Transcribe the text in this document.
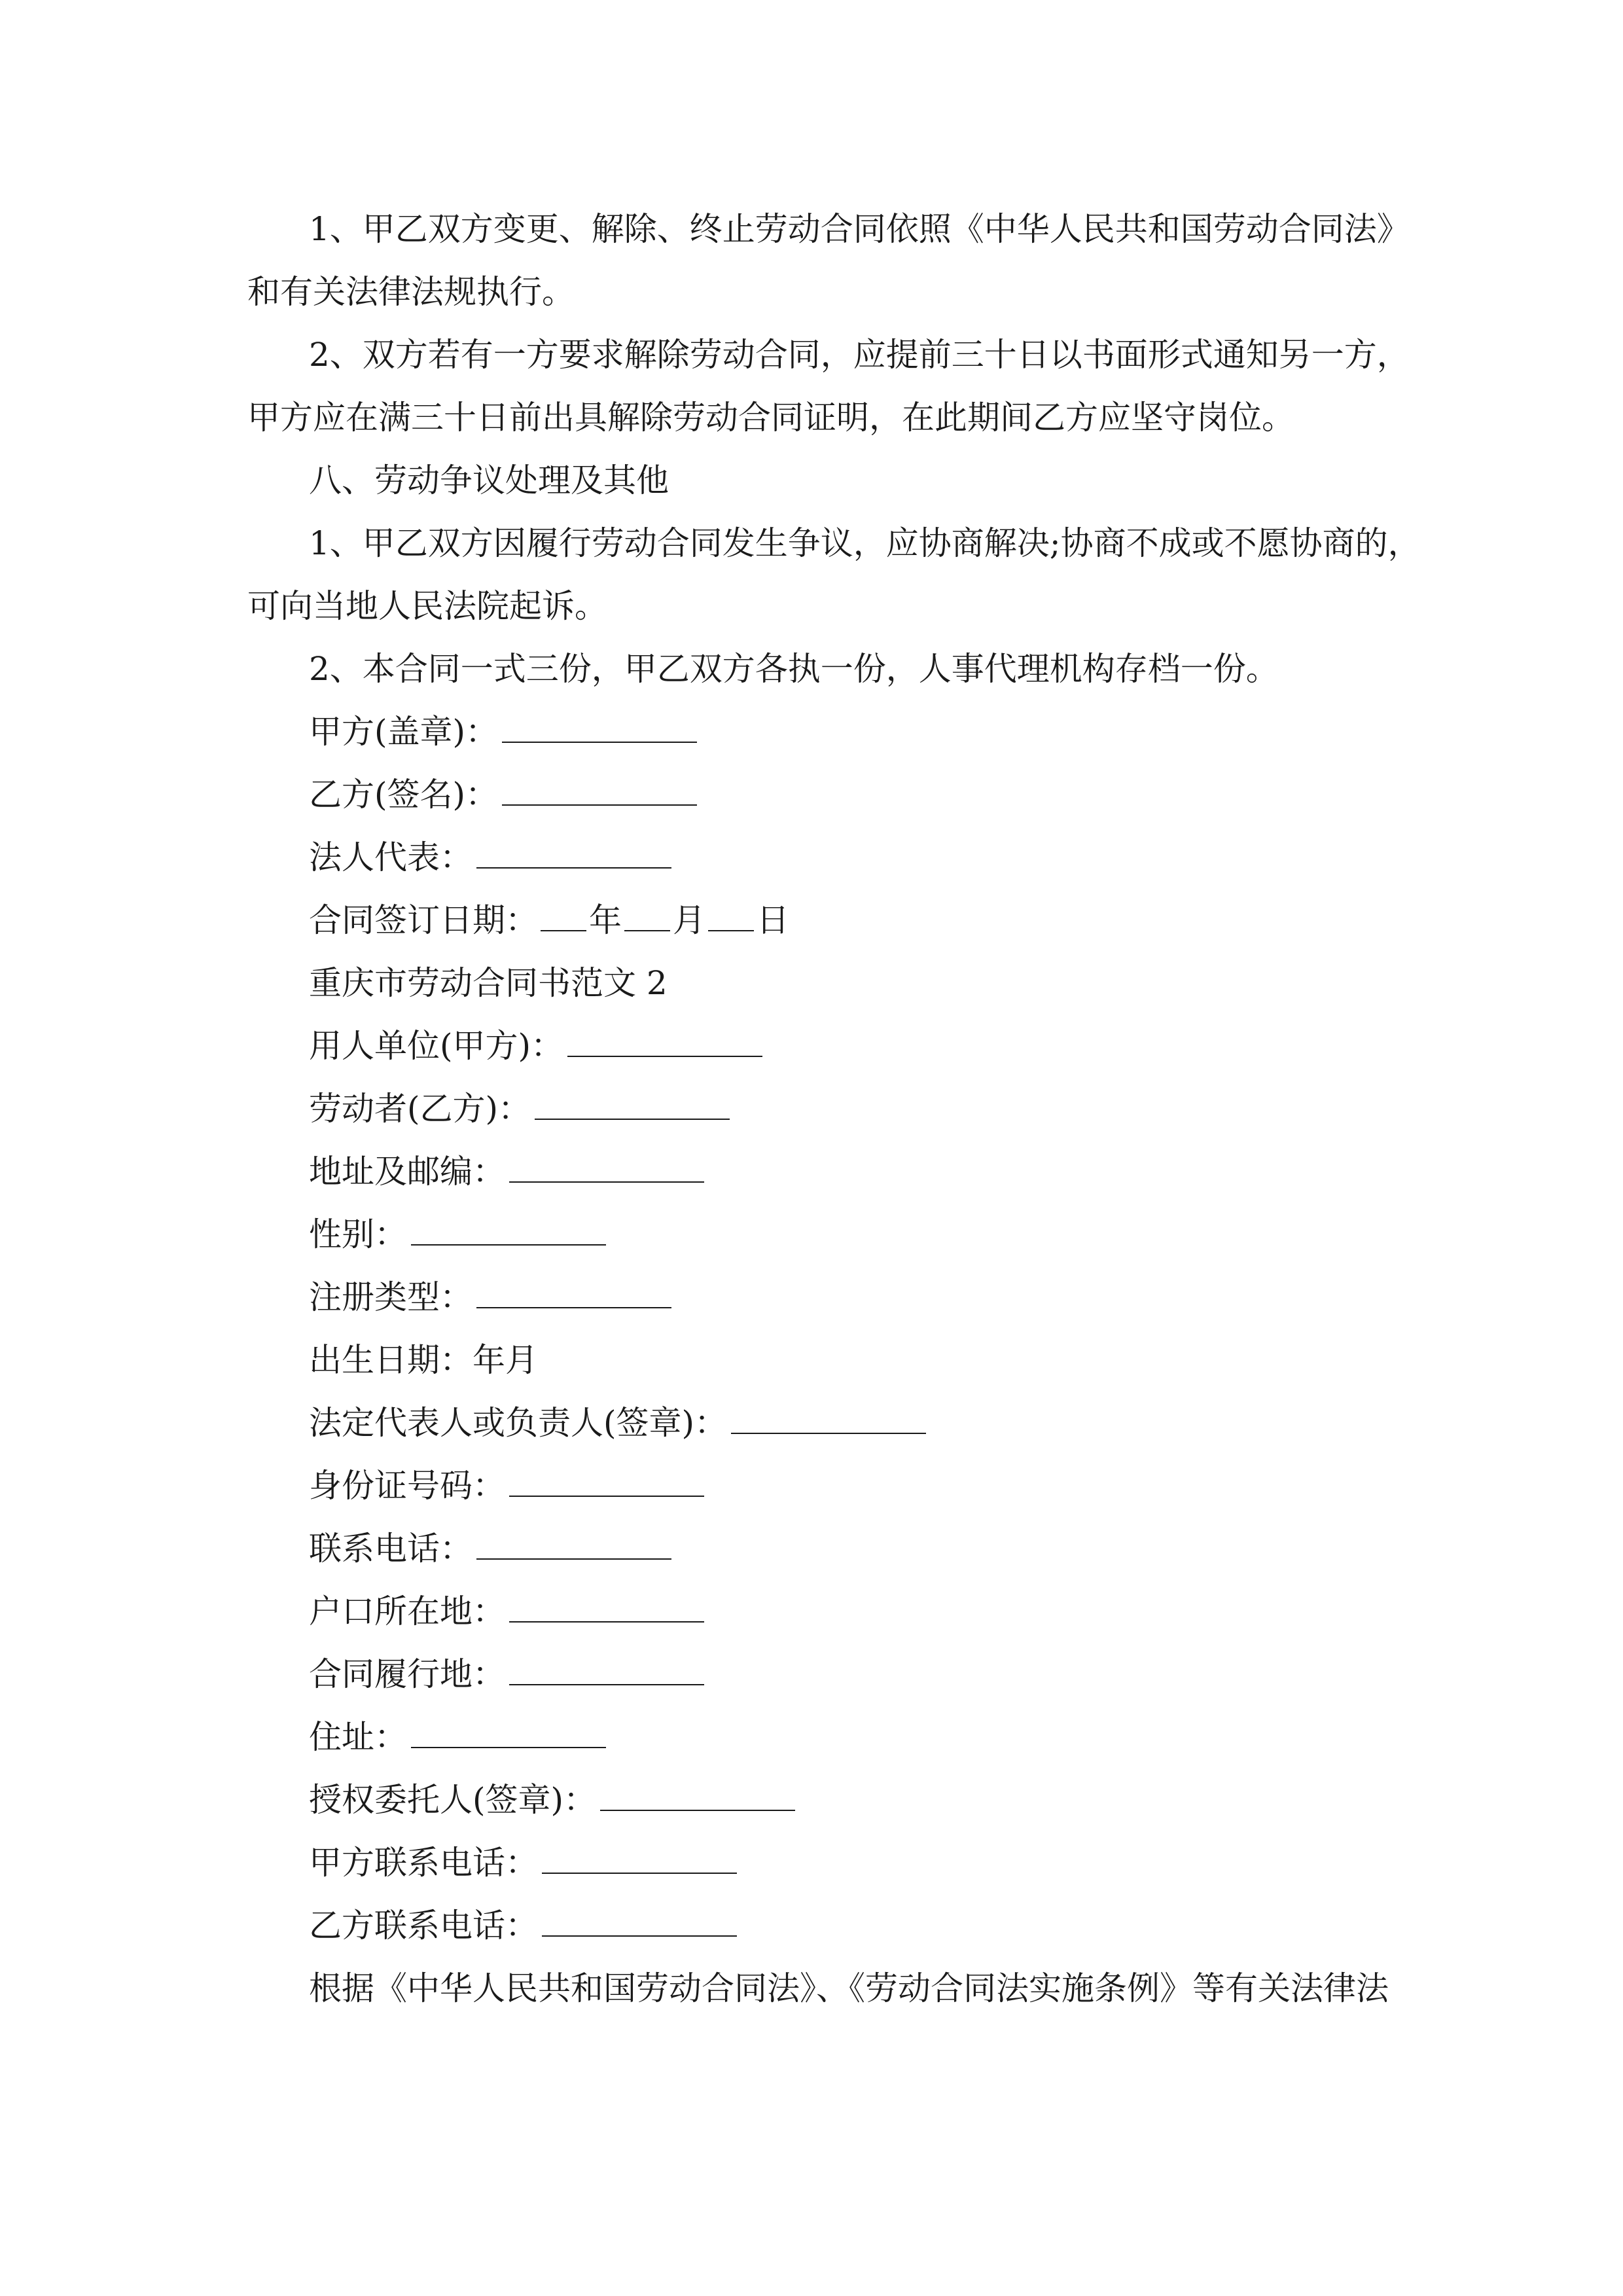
1、甲乙双方变更、解除、终止劳动合同依照《中华人民共和国劳动合同法》
和有关法律法规执行。
2、双方若有一方要求解除劳动合同，应提前三十日以书面形式通知另一方，
甲方应在满三十日前出具解除劳动合同证明，在此期间乙方应坚守岗位。
八、劳动争议处理及其他
1、甲乙双方因履行劳动合同发生争议，应协商解决;协商不成或不愿协商的，
可向当地人民法院起诉。
2、本合同一式三份，甲乙双方各执一份，人事代理机构存档一份。
甲方(盖章)：
乙方(签名)：
法人代表：
合同签订日期： 年 月 日
重庆市劳动合同书范文 2
用人单位(甲方)：
劳动者(乙方)：
地址及邮编：
性别：
注册类型：
出生日期：年月
法定代表人或负责人(签章)：
身份证号码：
联系电话：
户口所在地：
合同履行地：
住址：
授权委托人(签章)：
甲方联系电话：
乙方联系电话：
根据《中华人民共和国劳动合同法》、《劳动合同法实施条例》等有关法律法
